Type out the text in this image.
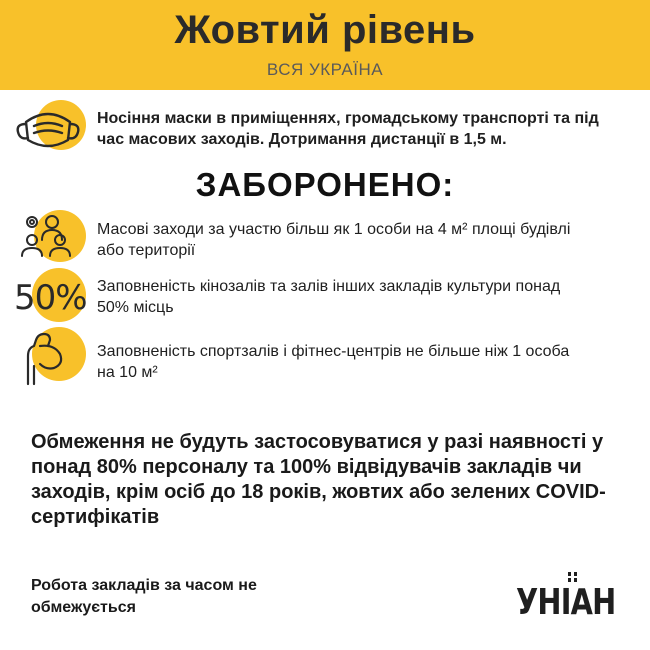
Жовтий рівень
ВСЯ УКРАЇНА
Носіння маски в приміщеннях, громадському транспорті та під час масових заходів. Дотримання дистанції в 1,5 м.
ЗАБОРОНЕНО:
Масові заходи за участю більш як 1 особи на 4 м² площі будівлі або території
50% Заповненість кінозалів та залів інших закладів культури понад 50% місць
Заповненість спортзалів і фітнес-центрів не більше ніж 1 особа на 10 м²
Обмеження не будуть застосовуватися у разі наявності у понад 80% персоналу та 100% відвідувачів закладів чи заходів, крім осіб до 18 років, жовтих або зелених COVID-сертифікатів
Робота закладів за часом не обмежується	УНІАН
